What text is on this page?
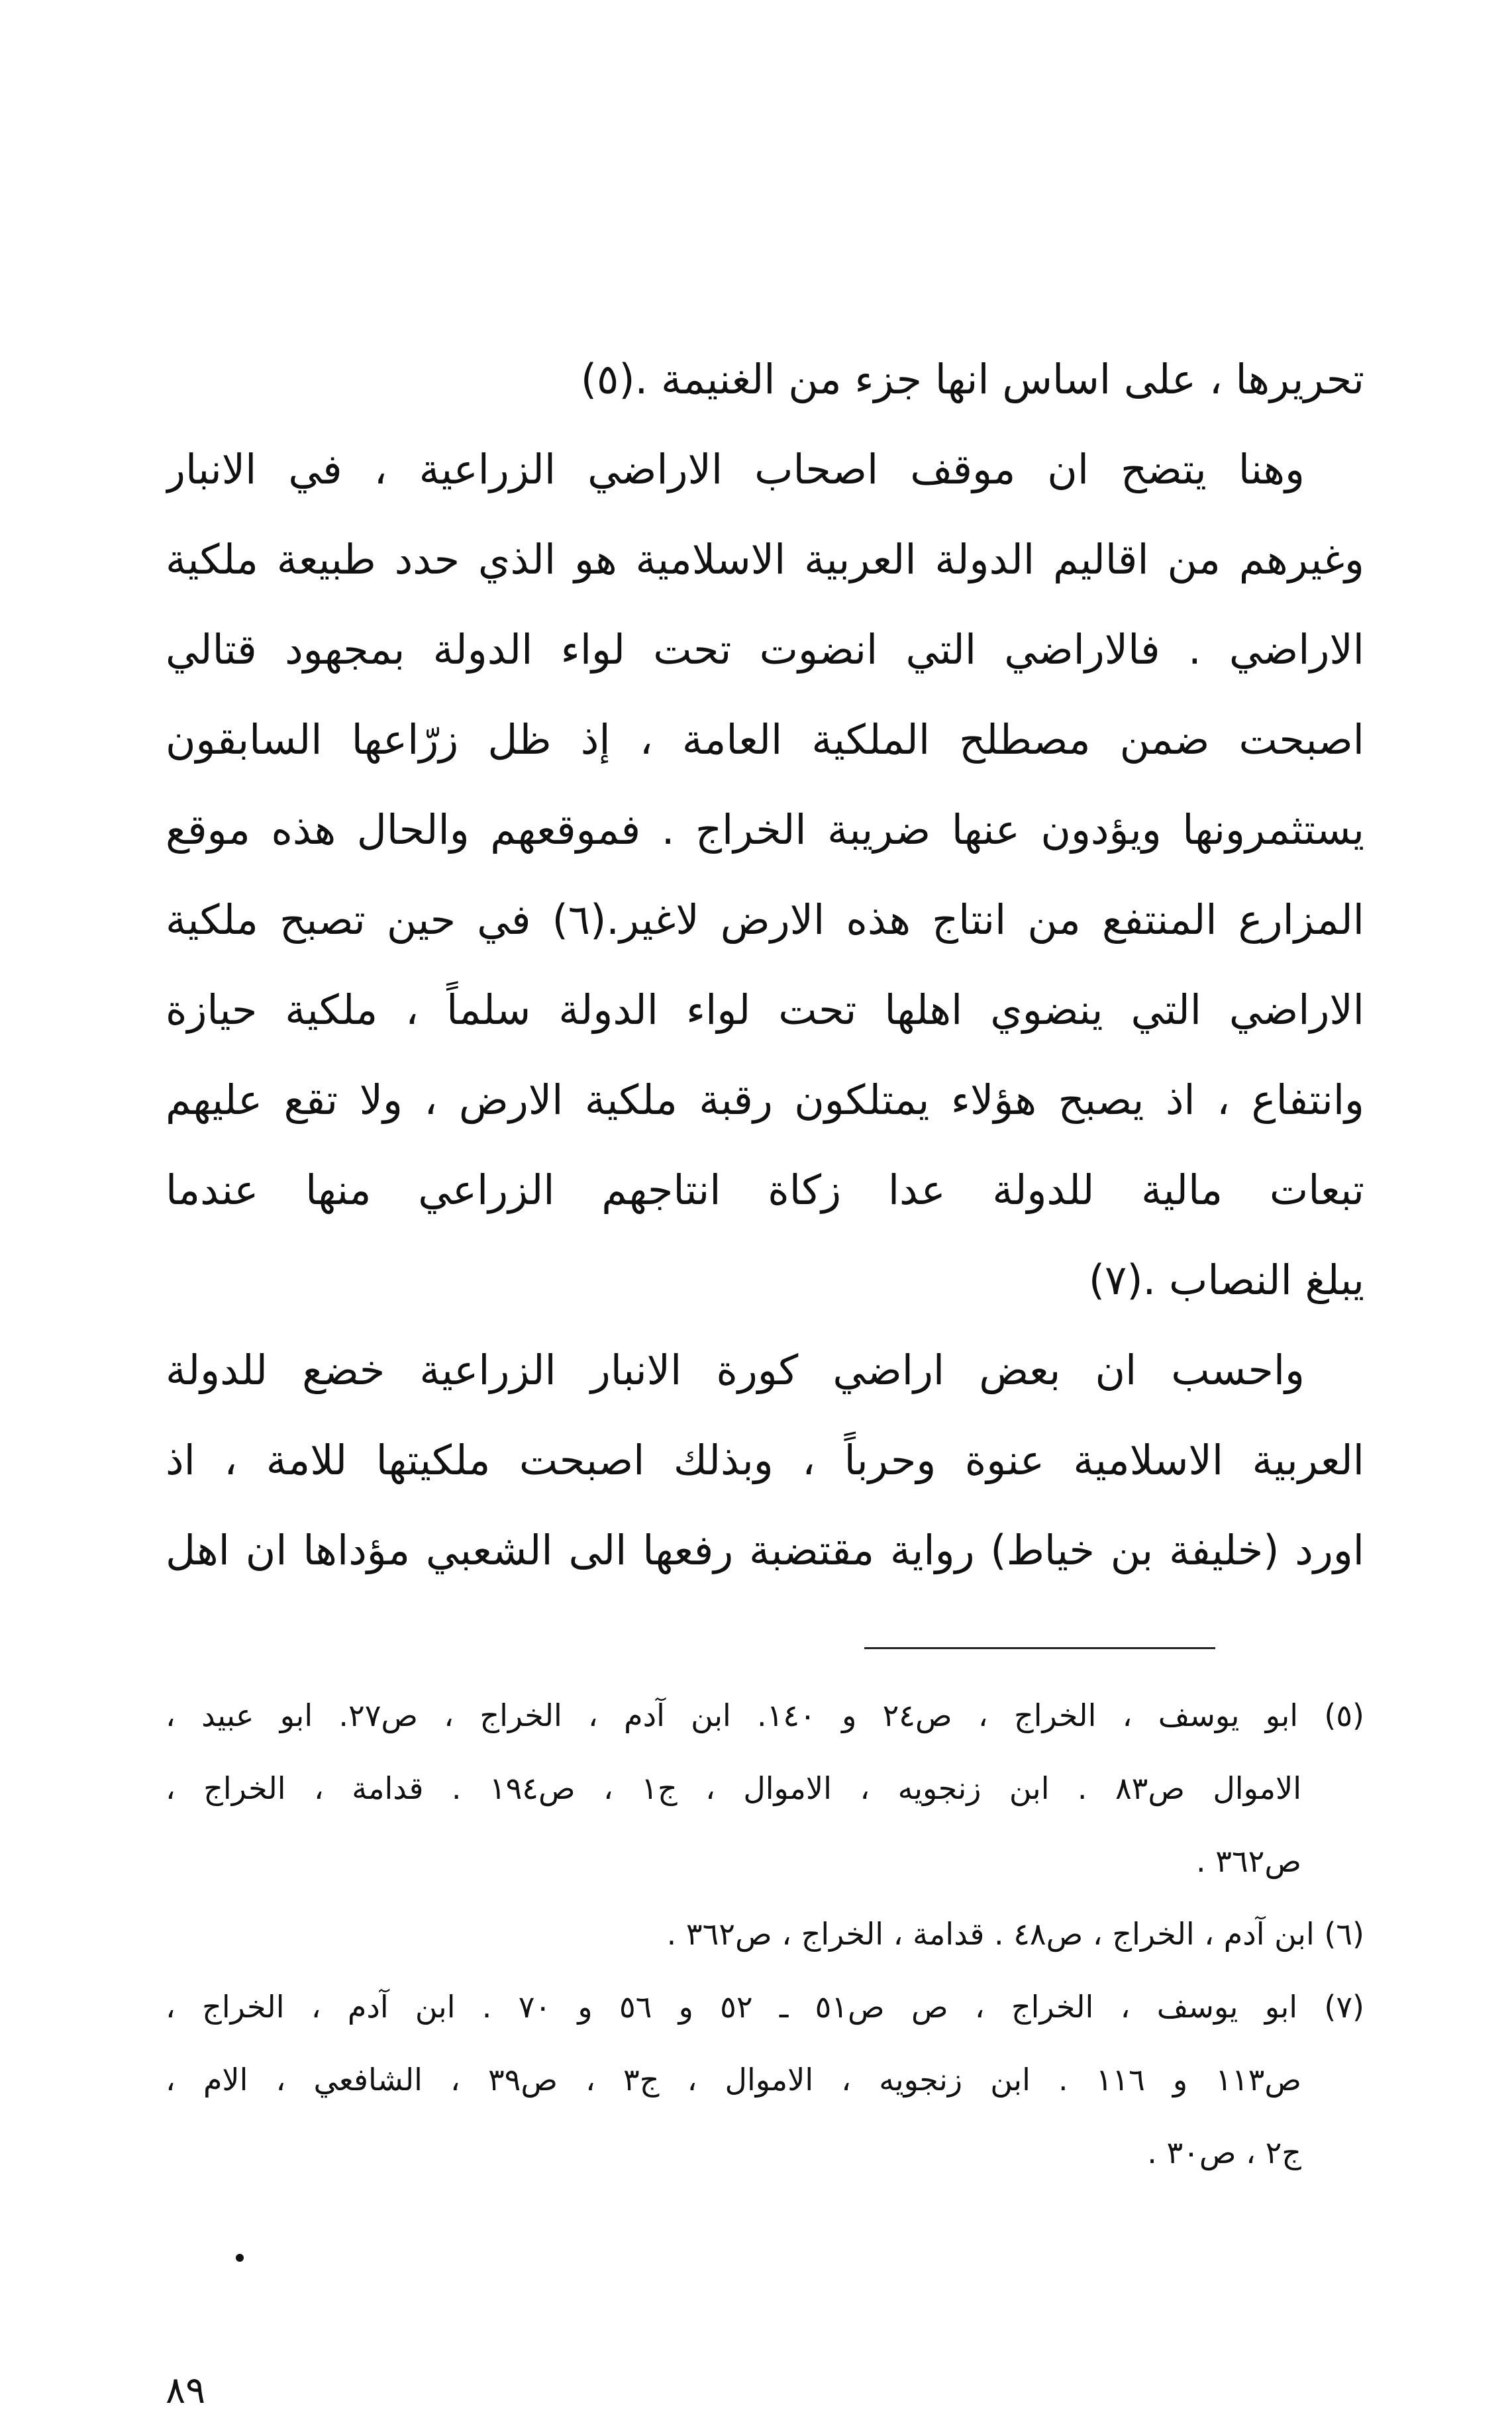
تحريرها ، على اساس انها جزء من الغنيمة .(٥)
وهنا يتضح ان موقف اصحاب الاراضي الزراعية ، في الانبار
وغيرهم من اقاليم الدولة العربية الاسلامية هو الذي حدد طبيعة ملكية
الاراضي . فالاراضي التي انضوت تحت لواء الدولة بمجهود قتالي
اصبحت ضمن مصطلح الملكية العامة ، إذ ظل زرّاعها السابقون
يستثمرونها ويؤدون عنها ضريبة الخراج . فموقعهم والحال هذه موقع
المزارع المنتفع من انتاج هذه الارض لاغير.(٦) في حين تصبح ملكية
الاراضي التي ينضوي اهلها تحت لواء الدولة سلماً ، ملكية حيازة
وانتفاع ، اذ يصبح هؤلاء يمتلكون رقبة ملكية الارض ، ولا تقع عليهم
تبعات مالية للدولة عدا زكاة انتاجهم الزراعي منها عندما
يبلغ النصاب .(٧)
واحسب ان بعض اراضي كورة الانبار الزراعية خضع للدولة
العربية الاسلامية عنوة وحرباً ، وبذلك اصبحت ملكيتها للامة ، اذ
اورد (خليفة بن خياط) رواية مقتضبة رفعها الى الشعبي مؤداها ان اهل
(٥) ابو يوسف ، الخراج ، ص٢٤ و ١٤٠. ابن آدم ، الخراج ، ص٢٧. ابو عبيد ،
الاموال ص٨٣ . ابن زنجويه ، الاموال ، ج١ ، ص١٩٤ . قدامة ، الخراج ،
ص٣٦٢ .
(٦) ابن آدم ، الخراج ، ص٤٨ . قدامة ، الخراج ، ص٣٦٢ .
(٧) ابو يوسف ، الخراج ، ص ص٥١ ـ ٥٢ و ٥٦ و ٧٠ . ابن آدم ، الخراج ،
ص١١٣ و ١١٦ . ابن زنجويه ، الاموال ، ج٣ ، ص٣٩ ، الشافعي ، الام ،
ج٢ ، ص٣٠ .
٨٩
